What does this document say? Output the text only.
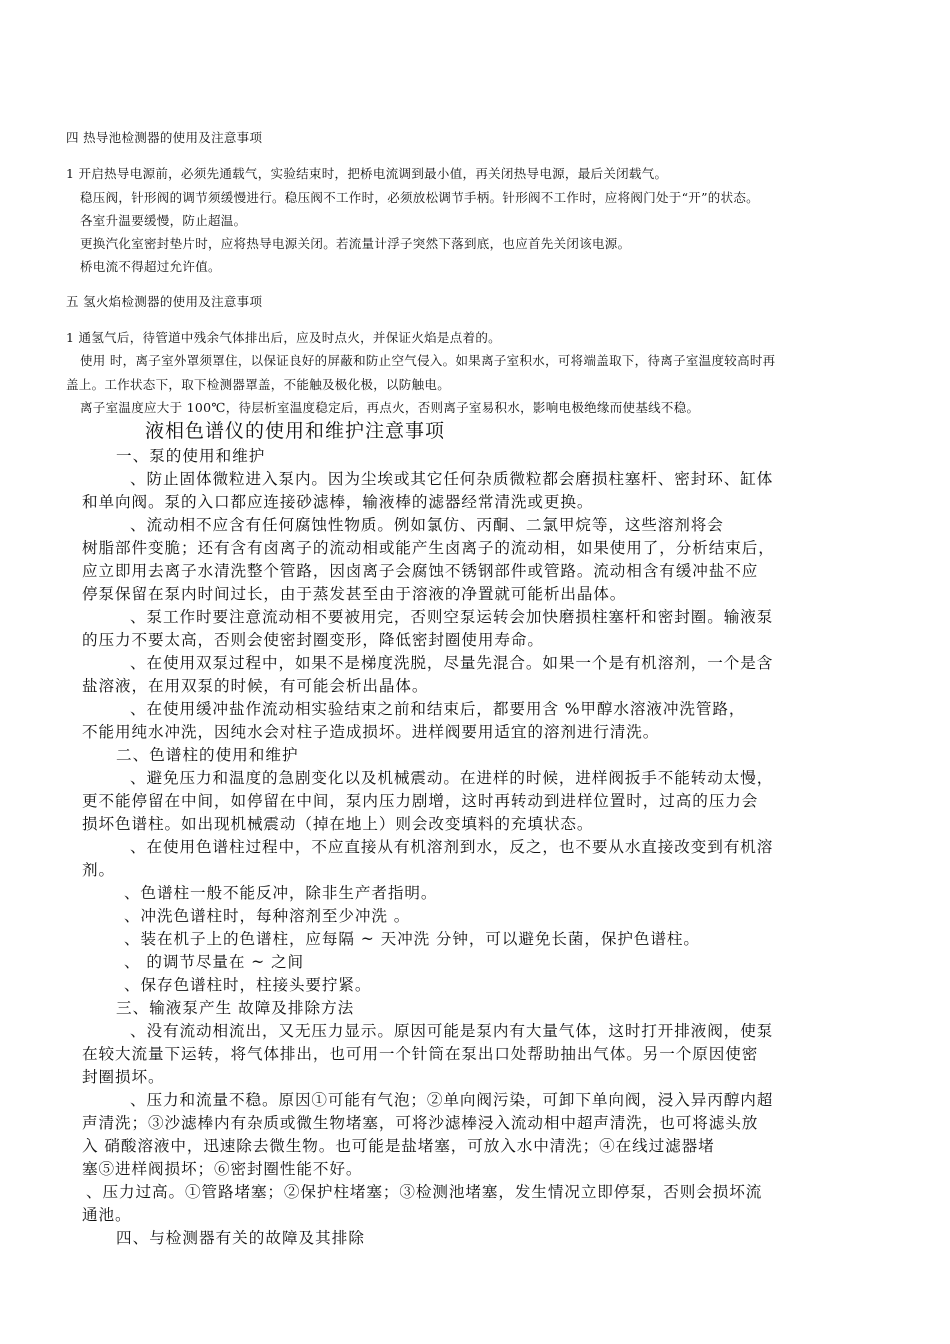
四 热导池检测器的使用及注意事项

1 开启热导电源前，必须先通载气，实验结束时，把桥电流调到最小值，再关闭热导电源，最后关闭载气。

稳压阀，针形阀的调节须缓慢进行。稳压阀不工作时，必须放松调节手柄。针形阀不工作时，应将阀门处于“开”的状态。

各室升温要缓慢，防止超温。

更换汽化室密封垫片时，应将热导电源关闭。若流量计浮子突然下落到底，也应首先关闭该电源。

桥电流不得超过允许值。

五 氢火焰检测器的使用及注意事项

1 通氢气后，待管道中残余气体排出后，应及时点火，并保证火焰是点着的。

使用 时，离子室外罩须罩住，以保证良好的屏蔽和防止空气侵入。如果离子室积水，可将端盖取下，待离子室温度较高时再

盖上。工作状态下，取下检测器罩盖，不能触及极化极，以防触电。

离子室温度应大于 100℃，待层析室温度稳定后，再点火，否则离子室易积水，影响电极绝缘而使基线不稳。

液相色谱仪的使用和维护注意事项

一、泵的使用和维护

、防止固体微粒进入泵内。因为尘埃或其它任何杂质微粒都会磨损柱塞杆、密封环、缸体

和单向阀。泵的入口都应连接砂滤棒，输液棒的滤器经常清洗或更换。

、流动相不应含有任何腐蚀性物质。例如氯仿、丙酮、二氯甲烷等，这些溶剂将会

树脂部件变脆；还有含有卤离子的流动相或能产生卤离子的流动相，如果使用了，分析结束后，

应立即用去离子水清洗整个管路，因卤离子会腐蚀不锈钢部件或管路。流动相含有缓冲盐不应

停泵保留在泵内时间过长，由于蒸发甚至由于溶液的净置就可能析出晶体。

、泵工作时要注意流动相不要被用完，否则空泵运转会加快磨损柱塞杆和密封圈。输液泵

的压力不要太高，否则会使密封圈变形，降低密封圈使用寿命。

、在使用双泵过程中，如果不是梯度洗脱，尽量先混合。如果一个是有机溶剂，一个是含

盐溶液，在用双泵的时候，有可能会析出晶体。

、在使用缓冲盐作流动相实验结束之前和结束后，都要用含 %甲醇水溶液冲洗管路，

不能用纯水冲洗，因纯水会对柱子造成损坏。进样阀要用适宜的溶剂进行清洗。

二、色谱柱的使用和维护

、避免压力和温度的急剧变化以及机械震动。在进样的时候，进样阀扳手不能转动太慢，

更不能停留在中间，如停留在中间，泵内压力剧增，这时再转动到进样位置时，过高的压力会

损坏色谱柱。如出现机械震动（掉在地上）则会改变填料的充填状态。

、在使用色谱柱过程中，不应直接从有机溶剂到水，反之，也不要从水直接改变到有机溶

剂。

、色谱柱一般不能反冲，除非生产者指明。

、冲洗色谱柱时，每种溶剂至少冲洗 。

、装在机子上的色谱柱，应每隔 ~ 天冲洗 分钟，可以避免长菌，保护色谱柱。

、 的调节尽量在 ~ 之间

、保存色谱柱时，柱接头要拧紧。

三、输液泵产生 故障及排除方法

、没有流动相流出，又无压力显示。原因可能是泵内有大量气体，这时打开排液阀，使泵

在较大流量下运转，将气体排出，也可用一个针筒在泵出口处帮助抽出气体。另一个原因使密

封圈损坏。

、压力和流量不稳。原因①可能有气泡；②单向阀污染，可卸下单向阀，浸入异丙醇内超

声清洗；③沙滤棒内有杂质或微生物堵塞，可将沙滤棒浸入流动相中超声清洗，也可将滤头放

入 硝酸溶液中，迅速除去微生物。也可能是盐堵塞，可放入水中清洗；④在线过滤器堵

塞⑤进样阀损坏；⑥密封圈性能不好。

、压力过高。①管路堵塞；②保护柱堵塞；③检测池堵塞，发生情况立即停泵，否则会损坏流

通池。

四、与检测器有关的故障及其排除
